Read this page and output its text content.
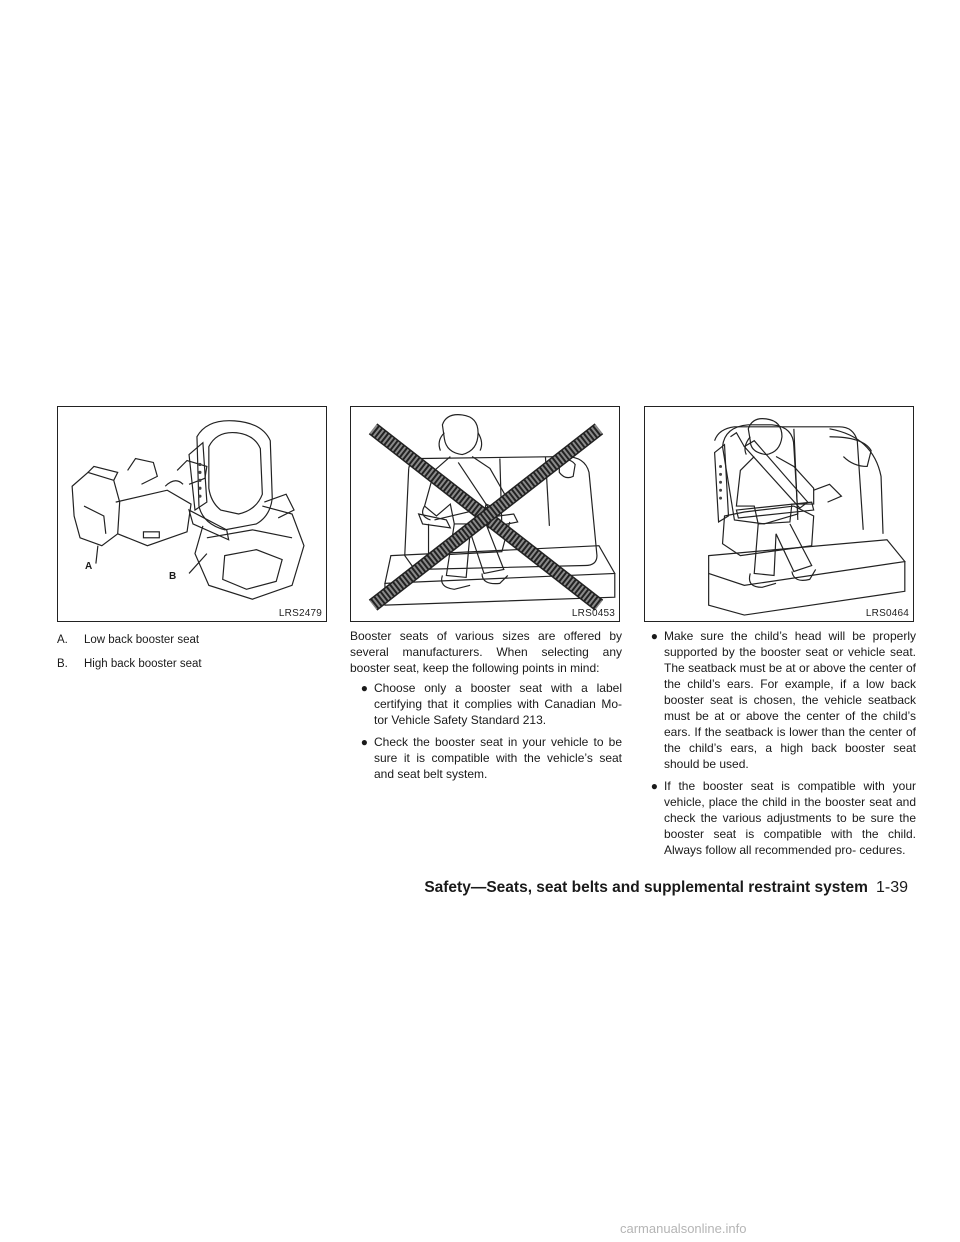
A
B
LRS2479	LRS0453	LRS0464
A.	Low back booster seat
B.	High back booster seat

Booster seats of various sizes are offered by several manufacturers. When selecting any booster seat, keep the following points in mind:

● Choose only a booster seat with a label certifying that it complies with Canadian Mo- tor Vehicle Safety Standard 213.
● Check the booster seat in your vehicle to be sure it is compatible with the vehicle’s seat and seat belt system.
● Make sure the child’s head will be properly supported by the booster seat or vehicle seat. The seatback must be at or above the center of the child’s ears. For example, if a low back booster seat is chosen, the vehicle seatback must be at or above the center of the child’s ears. If the seatback is lower than the center of the child’s ears, a high back booster seat should be used.
● If the booster seat is compatible with your vehicle, place the child in the booster seat and check the various adjustments to be sure the booster seat is compatible with the child. Always follow all recommended pro- cedures.
Safety—Seats, seat belts and supplemental restraint system 1-39
carmanualsonline.info
